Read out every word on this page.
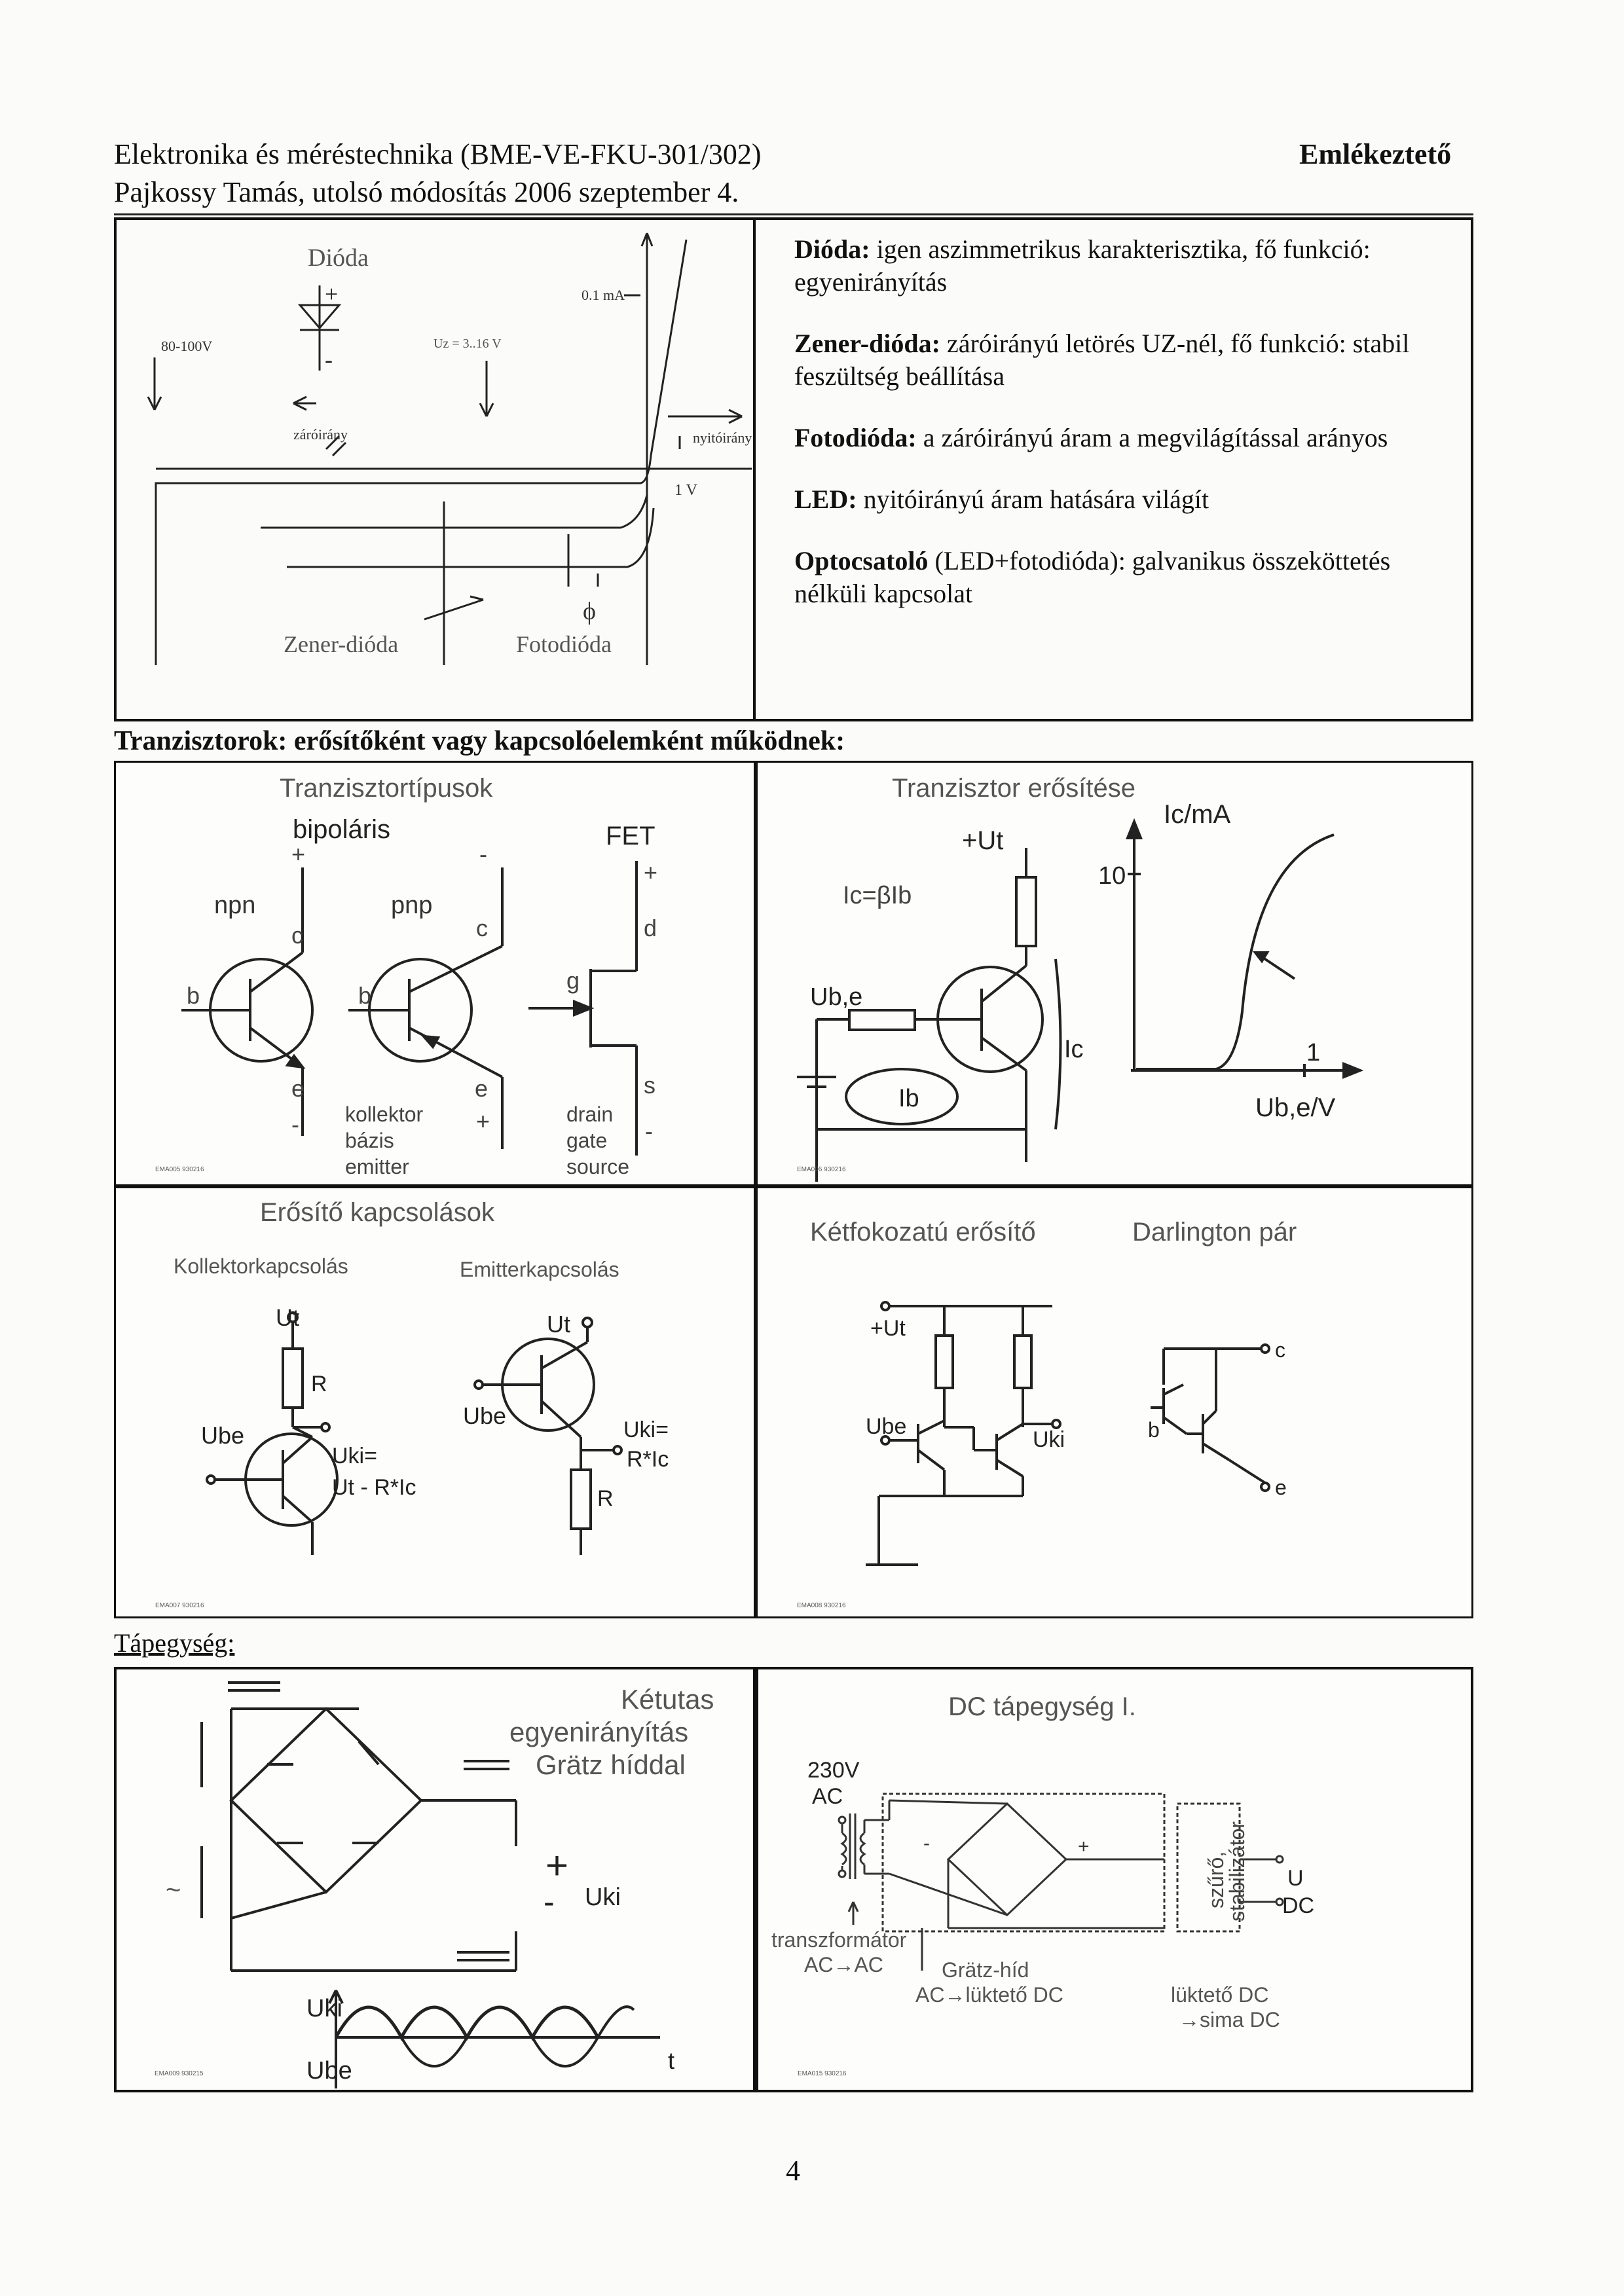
Elektronika és méréstechnika (BME-VE-FKU-301/302)
Pajkossy Tamás, utolsó módosítás 2006 szeptember 4.
Emlékeztető
Dióda
+
-
80-100V	Uz = 3..16 V
0.1 mA
záróirány	nyitóirány
1 V
Zener-dióda	Fotodióda
ϕ

Dióda: igen aszimmetrikus karakterisztika, fő funkció: egyenirányítás

Zener-dióda: záróirányú letörés UZ-nél, fő funkció: stabil feszültség beállítása

Fotodióda: a záróirányú áram a megvilágítással arányos

LED: nyitóirányú áram hatására világít

Optocsatoló (LED+fotodióda): galvanikus összeköttetés nélküli kapcsolat

Tranzisztorok: erősítőként vagy kapcsolóelemként működnek:
Tranzisztortípusok
bipoláris	FET
npn	pnp
b
c
e
+
-
b
c
e
-
+
g
d
s
+
-
kollektor
bázis
emitter
drain
gate
source
EMA005 930216
Tranzisztor erősítése
+Ut
Ic=βIb
Ub,e
Ic
Ib
Ic/mA
10
1
Ub,e/V
EMA006 930216
Erősítő kapcsolások
Kollektorkapcsolás	Emitterkapcsolás
Ut
R
Ube
Uki=
Ut - R*Ic
Ut
Ube
Uki=
R*Ic
R
EMA007 930216
Kétfokozatú erősítő	Darlington pár
+Ut
Ube
Uki
c
b
e
EMA008 930216
Tápegység:
Kétutas
egyenirányítás
Grätz híddal
+
- Uki
~
Uki
Ube	t
EMA009 930215
DC tápegység I.
230V
AC
szűrő,
stabilizátor U
DC
-	+
transzformátor
AC→AC	Grätz-híd
AC→lüktető DC	lüktető DC
→sima DC
EMA015 930216
4
